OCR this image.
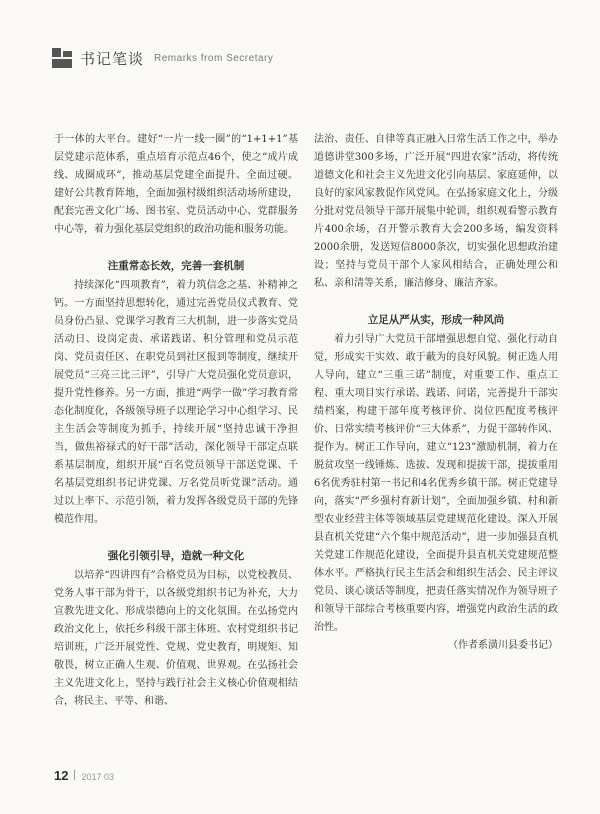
书记笔谈 Remarks from Secretary

于一体的大平台。建好“一片一线一圈”的“1+1+1”基层党建示范体系，重点培育示范点46个，使之“成片成线、成圈成环”，推动基层党建全面提升、全面过硬。建好公共教育阵地，全面加强村级组织活动场所建设，配套完善文化广场、图书室、党员活动中心、党群服务中心等，着力强化基层党组织的政治功能和服务功能。

注重常态长效，完善一套机制

持续深化“四项教育”，着力筑信念之基、补精神之钙。一方面坚持思想转化，通过完善党员仪式教育、党员身份凸显、党课学习教育三大机制，进一步落实党员活动日、设岗定责、承诺践诺、积分管理和党员示范岗、党员责任区、在职党员到社区报到等制度，继续开展党员“三亮三比三评”，引导广大党员强化党员意识，提升党性修养。另一方面，推进“两学一做”学习教育常态化制度化，各级领导班子以理论学习中心组学习、民主生活会等制度为抓手，持续开展“坚持忠诚干净担当，做焦裕禄式的好干部”活动，深化领导干部定点联系基层制度，组织开展“百名党员领导干部送党课、千名基层党组织书记讲党课、万名党员听党课”活动。通过以上率下、示范引领，着力发挥各级党员干部的先锋模范作用。

强化引领引导，造就一种文化

以培养“四讲四有”合格党员为目标，以党校教员、党务人事干部为骨干，以各级党组织书记为补充，大力宣教先进文化、形成崇德向上的文化氛围。在弘扬党内政治文化上，依托乡科级干部主体班、农村党组织书记培训班，广泛开展党性、党规、党史教育，明规矩、知敬畏，树立正确人生观、价值观、世界观。在弘扬社会主义先进文化上，坚持与践行社会主义核心价值观相结合，将民主、平等、和谐、

法治、责任、自律等真正融入日常生活工作之中，举办道德讲堂300多场，广泛开展“四进农家”活动，将传统道德文化和社会主义先进文化引向基层、家庭延伸，以良好的家风家教促作风党风。在弘扬家庭文化上，分级分批对党员领导干部开展集中轮训，组织观看警示教育片400余场，召开警示教育大会200多场，编发资料2000余册，发送短信8000条次，切实强化思想政治建设；坚持与党员干部个人家风相结合，正确处理公和私、亲和清等关系，廉洁修身、廉洁齐家。

立足从严从实，形成一种风尚

着力引导广大党员干部增强思想自觉、强化行动自觉，形成实干实效、敢于蔽为的良好风貌。树正选人用人导向，建立“三重三诺”制度，对重要工作、重点工程、重大项目实行承诺、践诺、问诺，完善提升干部实绩档案，构建干部年度考核评价、岗位匹配度考核评价、日常实绩考核评价“三大体系”，力促干部转作风、提作为。树正工作导向，建立“123”激励机制，着力在脱贫攻坚一线锤炼、选拔、发现和提拔干部，提拔重用6名优秀驻村第一书记和4名优秀乡镇干部。树正党建导向，落实“严乡强村育新计划”，全面加强乡镇、村和新型农业经营主体等领域基层党建规范化建设。深入开展县直机关党建“六个集中规范活动”，进一步加强县直机关党建工作规范化建设，全面提升县直机关党建规范整体水平。严格执行民主生活会和组织生活会、民主评议党员、谈心谈话等制度，把责任落实情况作为领导班子和领导干部综合考核重要内容，增强党内政治生活的政治性。

（作者系潢川县委书记）

12 2017 03
